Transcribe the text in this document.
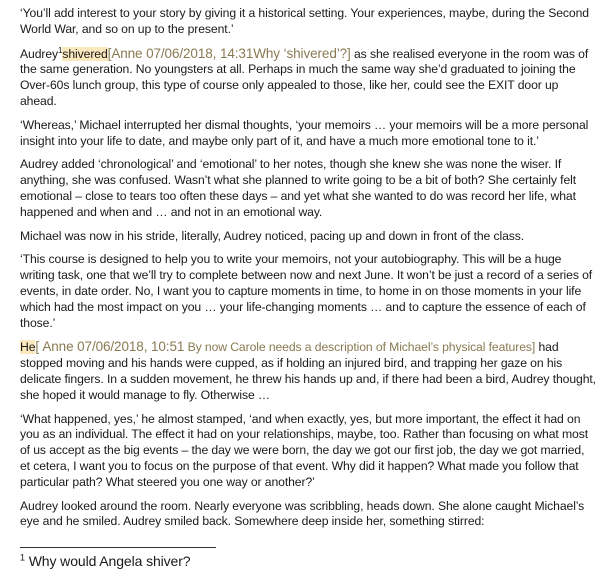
‘You’ll add interest to your story by giving it a historical setting. Your experiences, maybe, during the Second World War, and so on up to the present.’

Audrey$^1$shivered[Anne 07/06/2018, 14:31Why ‘shivered’?] as she realised everyone in the room was of the same generation. No youngsters at all. Perhaps in much the same way she’d graduated to joining the Over-60s lunch group, this type of course only appealed to those, like her, could see the EXIT door up ahead.

‘Whereas,’ Michael interrupted her dismal thoughts, ‘your memoirs … your memoirs will be a more personal insight into your life to date, and maybe only part of it, and have a much more emotional tone to it.’

Audrey added ‘chronological’ and ‘emotional’ to her notes, though she knew she was none the wiser. If anything, she was confused. Wasn’t what she planned to write going to be a bit of both? She certainly felt emotional – close to tears too often these days – and yet what she wanted to do was record her life, what happened and when and … and not in an emotional way.

Michael was now in his stride, literally, Audrey noticed, pacing up and down in front of the class.

‘This course is designed to help you to write your memoirs, not your autobiography. This will be a huge writing task, one that we’ll try to complete between now and next June. It won’t be just a record of a series of events, in date order. No, I want you to capture moments in time, to home in on those moments in your life which had the most impact on you … your life-changing moments … and to capture the essence of each of those.’

He[ Anne 07/06/2018, 10:51 By now Carole needs a description of Michael’s physical features] had stopped moving and his hands were cupped, as if holding an injured bird, and trapping her gaze on his delicate fingers. In a sudden movement, he threw his hands up and, if there had been a bird, Audrey thought, she hoped it would manage to fly. Otherwise …

‘What happened, yes,’ he almost stamped, ‘and when exactly, yes, but more important, the effect it had on you as an individual. The effect it had on your relationships, maybe, too. Rather than focusing on what most of us accept as the big events – the day we were born, the day we got our first job, the day we got married, et cetera, I want you to focus on the purpose of that event. Why did it happen? What made you follow that particular path? What steered you one way or another?’

Audrey looked around the room. Nearly everyone was scribbling, heads down. She alone caught Michael’s eye and he smiled. Audrey smiled back. Somewhere deep inside her, something stirred:

$^1$ Why would Angela shiver?
